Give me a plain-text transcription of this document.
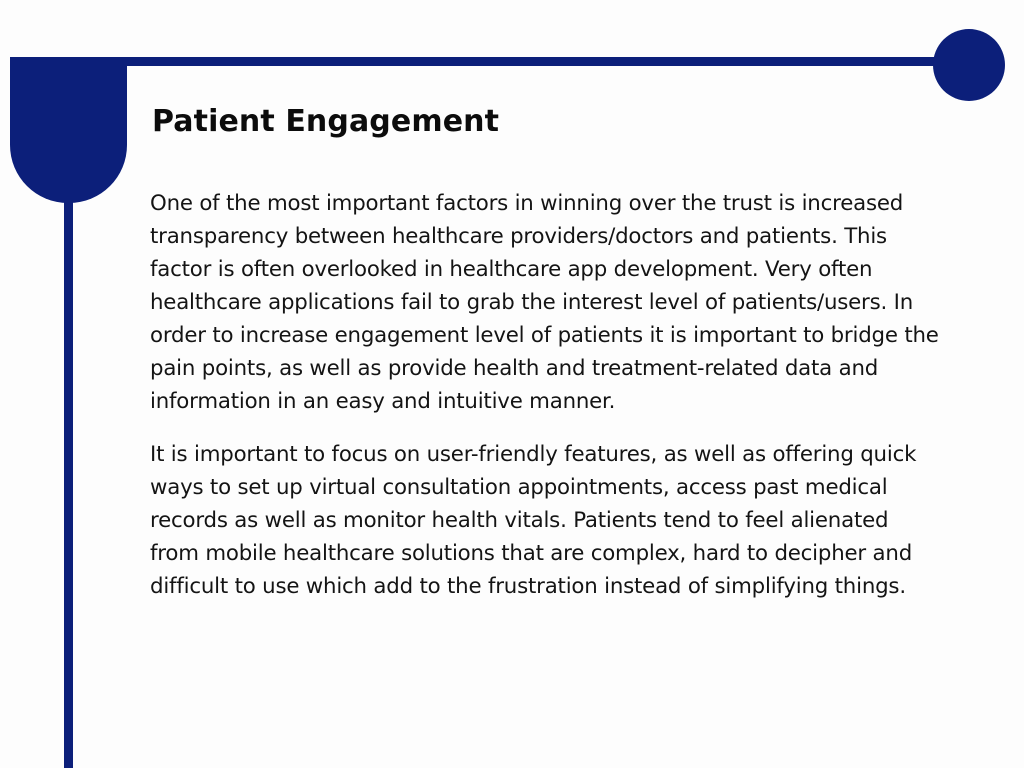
Patient Engagement

One of the most important factors in winning over the trust is increased transparency between healthcare providers/doctors and patients. This factor is often overlooked in healthcare app development. Very often healthcare applications fail to grab the interest level of patients/users. In order to increase engagement level of patients it is important to bridge the pain points, as well as provide health and treatment-related data and information in an easy and intuitive manner.

It is important to focus on user-friendly features, as well as offering quick ways to set up virtual consultation appointments, access past medical records as well as monitor health vitals. Patients tend to feel alienated from mobile healthcare solutions that are complex, hard to decipher and difficult to use which add to the frustration instead of simplifying things.
